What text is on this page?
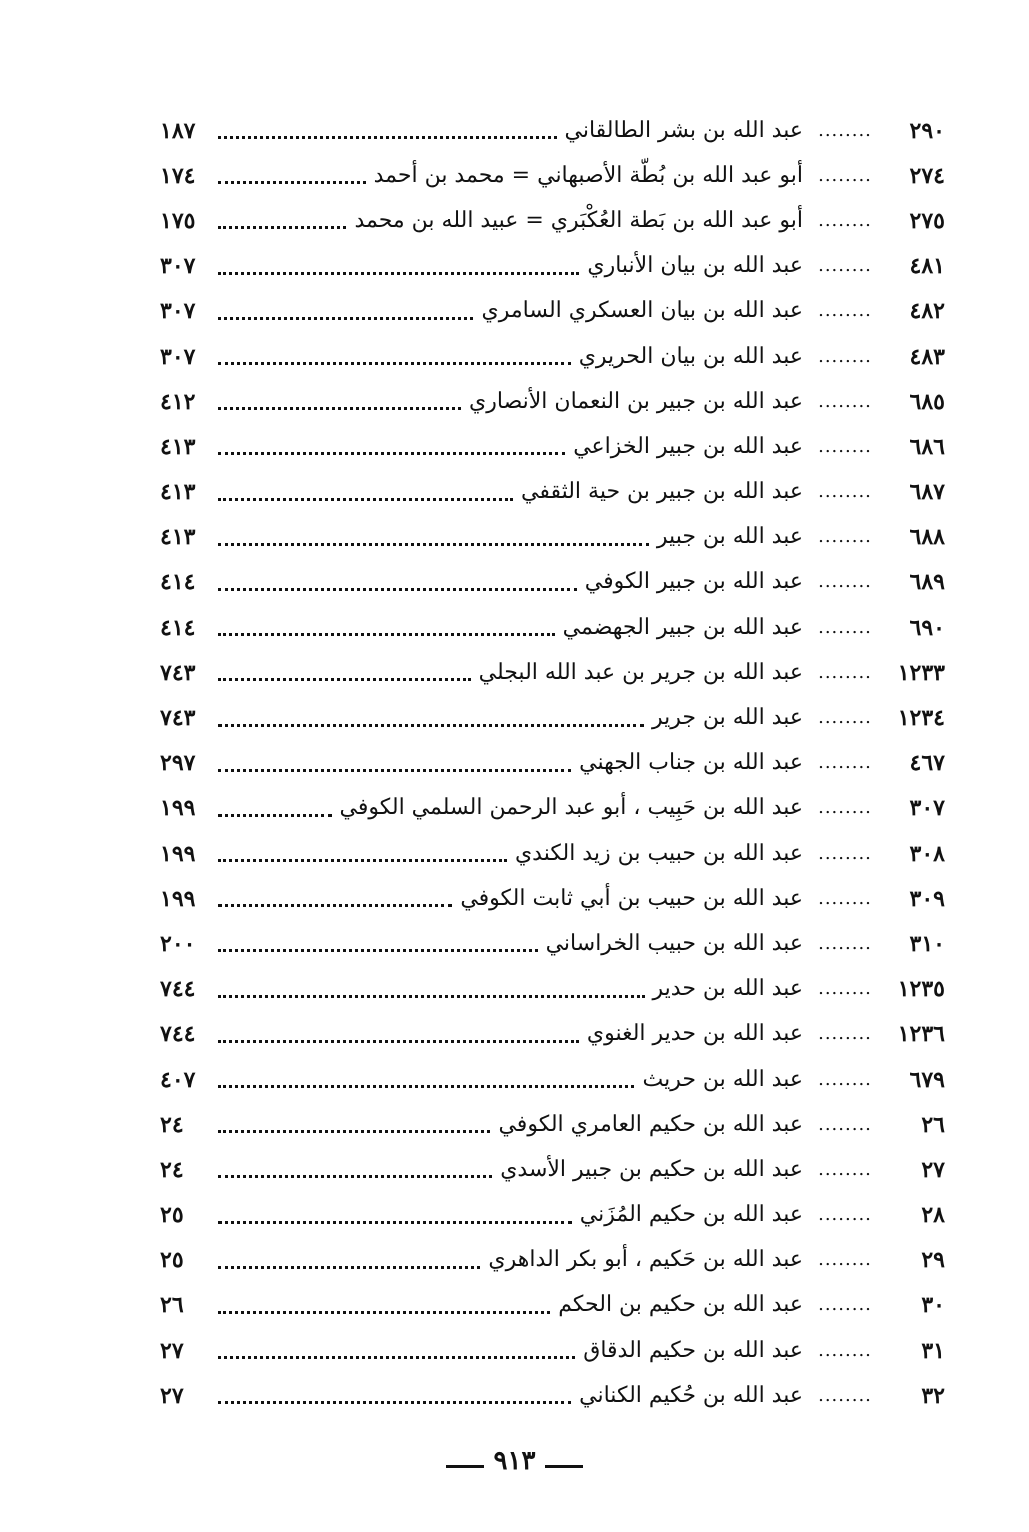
٢٩٠
........
عبد الله بن بشر الطالقاني
١٨٧
٢٧٤
........
أبو عبد الله بن بُطّة الأصبهاني = محمد بن أحمد
١٧٤
٢٧٥
........
أبو عبد الله بن بَطة العُكْبَري = عبيد الله بن محمد
١٧٥
٤٨١
........
عبد الله بن بيان الأنباري
٣٠٧
٤٨٢
........
عبد الله بن بيان العسكري السامري
٣٠٧
٤٨٣
........
عبد الله بن بيان الحريري
٣٠٧
٦٨٥
........
عبد الله بن جبير بن النعمان الأنصاري
٤١٢
٦٨٦
........
عبد الله بن جبير الخزاعي
٤١٣
٦٨٧
........
عبد الله بن جبير بن حية الثقفي
٤١٣
٦٨٨
........
عبد الله بن جبير
٤١٣
٦٨٩
........
عبد الله بن جبير الكوفي
٤١٤
٦٩٠
........
عبد الله بن جبير الجهضمي
٤١٤
١٢٣٣
........
عبد الله بن جرير بن عبد الله البجلي
٧٤٣
١٢٣٤
........
عبد الله بن جرير
٧٤٣
٤٦٧
........
عبد الله بن جناب الجهني
٢٩٧
٣٠٧
........
عبد الله بن حَبِيب ، أبو عبد الرحمن السلمي الكوفي
١٩٩
٣٠٨
........
عبد الله بن حبيب بن زيد الكندي
١٩٩
٣٠٩
........
عبد الله بن حبيب بن أبي ثابت الكوفي
١٩٩
٣١٠
........
عبد الله بن حبيب الخراساني
٢٠٠
١٢٣٥
........
عبد الله بن حدير
٧٤٤
١٢٣٦
........
عبد الله بن حدير الغنوي
٧٤٤
٦٧٩
........
عبد الله بن حريث
٤٠٧
٢٦
........
عبد الله بن حكيم العامري الكوفي
٢٤
٢٧
........
عبد الله بن حكيم بن جبير الأسدي
٢٤
٢٨
........
عبد الله بن حكيم المُزَني
٢٥
٢٩
........
عبد الله بن حَكيم ، أبو بكر الداهري
٢٥
٣٠
........
عبد الله بن حكيم بن الحكم
٢٦
٣١
........
عبد الله بن حكيم الدقاق
٢٧
٣٢
........
عبد الله بن حُكيم الكناني
٢٧
٩١٣
